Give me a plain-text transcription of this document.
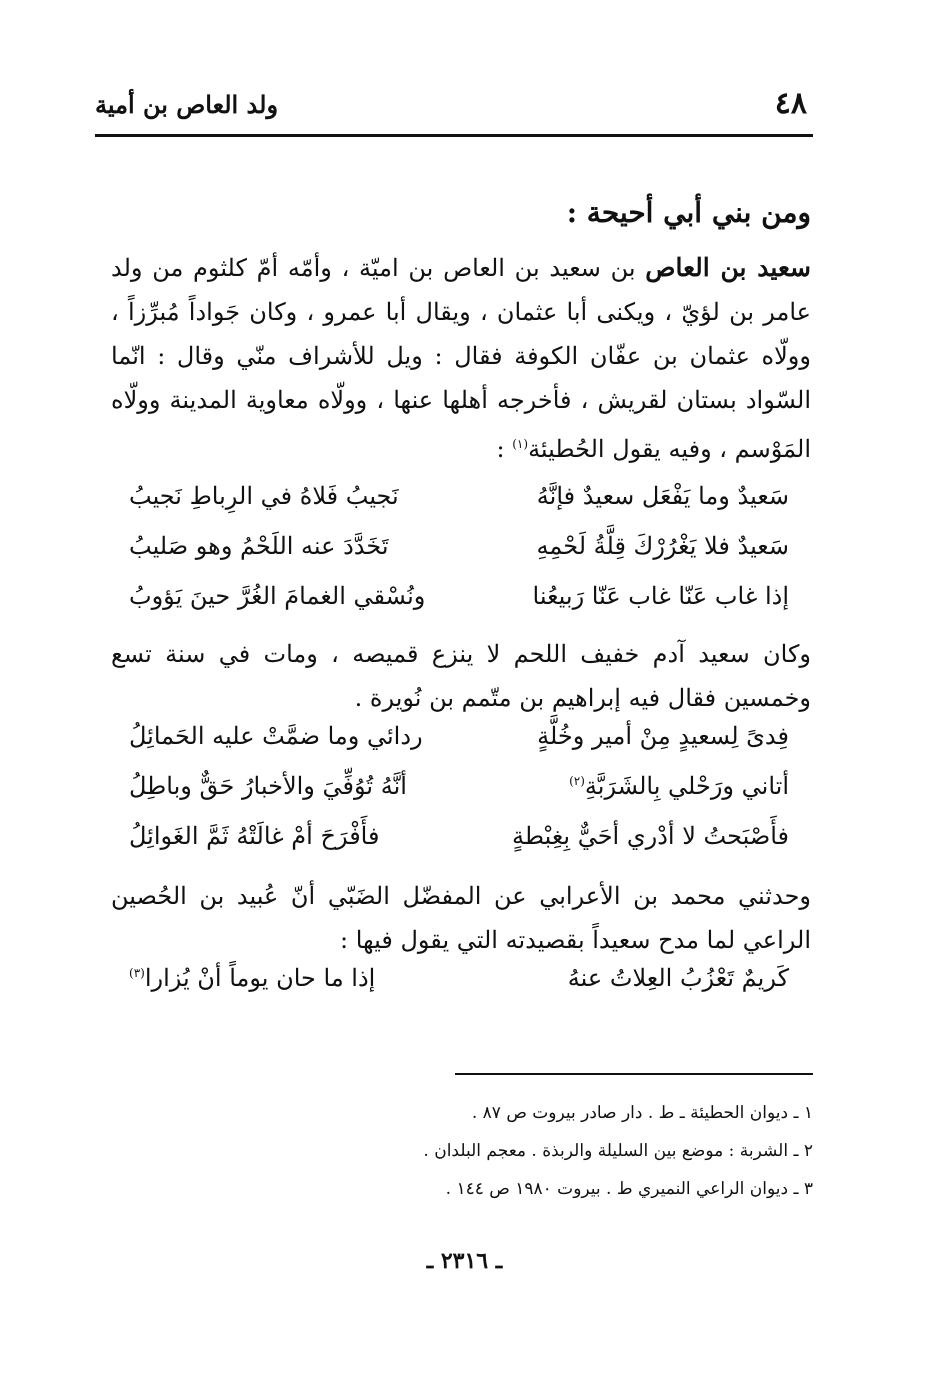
٤٨
ولد العاص بن أمية
ومن بني أبي أحيحة :
سعيد بن العاص بن سعيد بن العاص بن اميّة ، وأمّه أمّ كلثوم من ولد عامر بن لؤيّ ، ويكنى أبا عثمان ، ويقال أبا عمرو ، وكان جَواداً مُبرِّزاً ، وولّاه عثمان بن عفّان الكوفة فقال : ويل للأشراف منّي وقال : انّما السّواد بستان لقريش ، فأخرجه أهلها عنها ، وولّاه معاوية المدينة وولّاه المَوْسم ، وفيه يقول الحُطيئة$^{(١)}$ :
سَعيدٌ وما يَفْعَل سعيدٌ فإنَّهُ
نَجيبُ فَلاهُ في الرِباطِ نَجيبُ
سَعيدٌ فلا يَغْرُرْكَ قِلَّةُ لَحْمِهِ
تَخَدَّدَ عنه اللَحْمُ وهو صَليبُ
إذا غاب عَنّا غاب عَنّا رَبيعُنا
ونُسْقي الغمامَ الغُرَّ حينَ يَؤوبُ
وكان سعيد آدم خفيف اللحم لا ينزع قميصه ، ومات في سنة تسع وخمسين فقال فيه إبراهيم بن متّمم بن نُويرة .
فِدىً لِسعيدٍ مِنْ أمير وخُلَّةٍ
ردائي وما ضمَّتْ عليه الحَمائِلُ
أتاني ورَحْلي بِالشَرَبَّةِ$^{(٢)}$
أنَّهُ تُوُفِّيَ والأخبارُ حَقٌّ وباطِلُ
فأَصْبَحتُ لا أدْري أحَيٌّ بِغِبْطةٍ
فأَفْرَحَ أمْ غالَتْهُ ثَمَّ الغَوائِلُ
وحدثني محمد بن الأعرابي عن المفضّل الضَبّي أنّ عُبيد بن الحُصين الراعي لما مدح سعيداً بقصيدته التي يقول فيها :
كَريمٌ تَعْزُبُ العِلاتُ عنهُ
إذا ما حان يوماً أنْ يُزارا$^{(٣)}$
١ ـ ديوان الحطيئة ـ ط . دار صادر بيروت ص ٨٧ .
٢ ـ الشربة : موضع بين السليلة والربذة . معجم البلدان .
٣ ـ ديوان الراعي النميري ط . بيروت ١٩٨٠ ص ١٤٤ .
ـ ٢٣١٦ ـ
